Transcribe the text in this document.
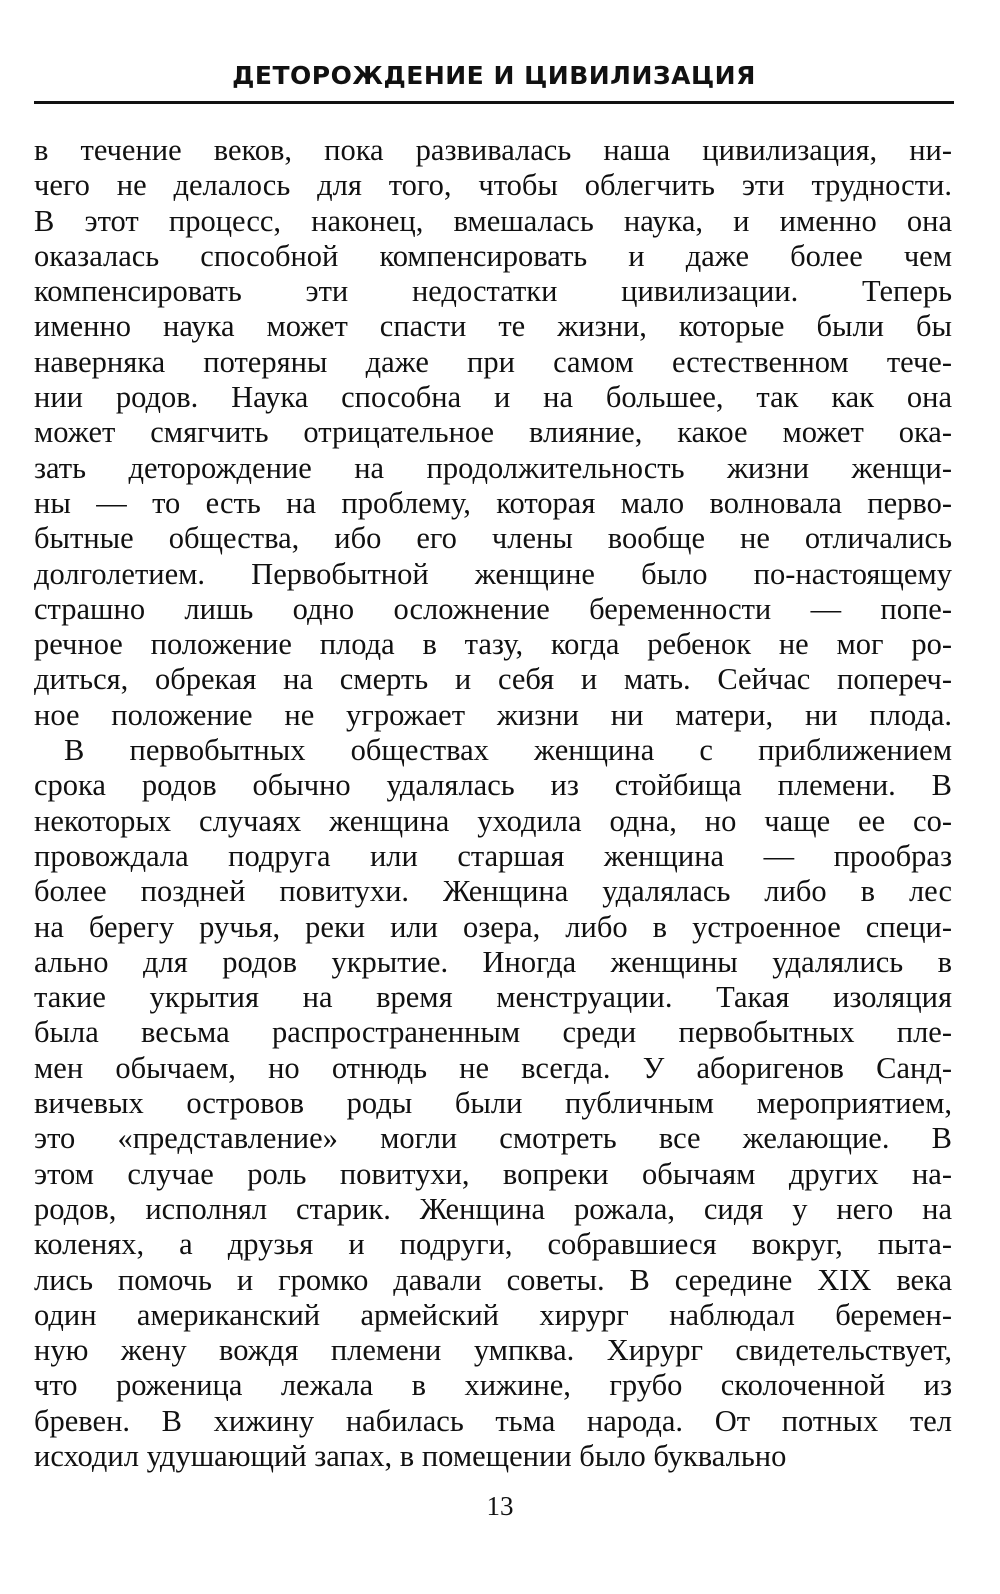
ДЕТОРОЖДЕНИЕ И ЦИВИЛИЗАЦИЯ
в течение веков, пока развивалась наша цивилизация, ни-
чего не делалось для того, чтобы облегчить эти трудности.
В этот процесс, наконец, вмешалась наука, и именно она
оказалась способной компенсировать и даже более чем
компенсировать эти недостатки цивилизации. Теперь
именно наука может спасти те жизни, которые были бы
наверняка потеряны даже при самом естественном тече-
нии родов. Наука способна и на большее, так как она
может смягчить отрицательное влияние, какое может ока-
зать деторождение на продолжительность жизни женщи-
ны — то есть на проблему, которая мало волновала перво-
бытные общества, ибо его члены вообще не отличались
долголетием. Первобытной женщине было по-настоящему
страшно лишь одно осложнение беременности — попе-
речное положение плода в тазу, когда ребенок не мог ро-
диться, обрекая на смерть и себя и мать. Сейчас попереч-
ное положение не угрожает жизни ни матери, ни плода.
В первобытных обществах женщина с приближением
срока родов обычно удалялась из стойбища племени. В
некоторых случаях женщина уходила одна, но чаще ее со-
провождала подруга или старшая женщина — прообраз
более поздней повитухи. Женщина удалялась либо в лес
на берегу ручья, реки или озера, либо в устроенное специ-
ально для родов укрытие. Иногда женщины удалялись в
такие укрытия на время менструации. Такая изоляция
была весьма распространенным среди первобытных пле-
мен обычаем, но отнюдь не всегда. У аборигенов Санд-
вичевых островов роды были публичным мероприятием,
это «представление» могли смотреть все желающие. В
этом случае роль повитухи, вопреки обычаям других на-
родов, исполнял старик. Женщина рожала, сидя у него на
коленях, а друзья и подруги, собравшиеся вокруг, пыта-
лись помочь и громко давали советы. В середине XIX века
один американский армейский хирург наблюдал беремен-
ную жену вождя племени умпква. Хирург свидетельствует,
что роженица лежала в хижине, грубо сколоченной из
бревен. В хижину набилась тьма народа. От потных тел
исходил удушающий запах, в помещении было буквально
13
